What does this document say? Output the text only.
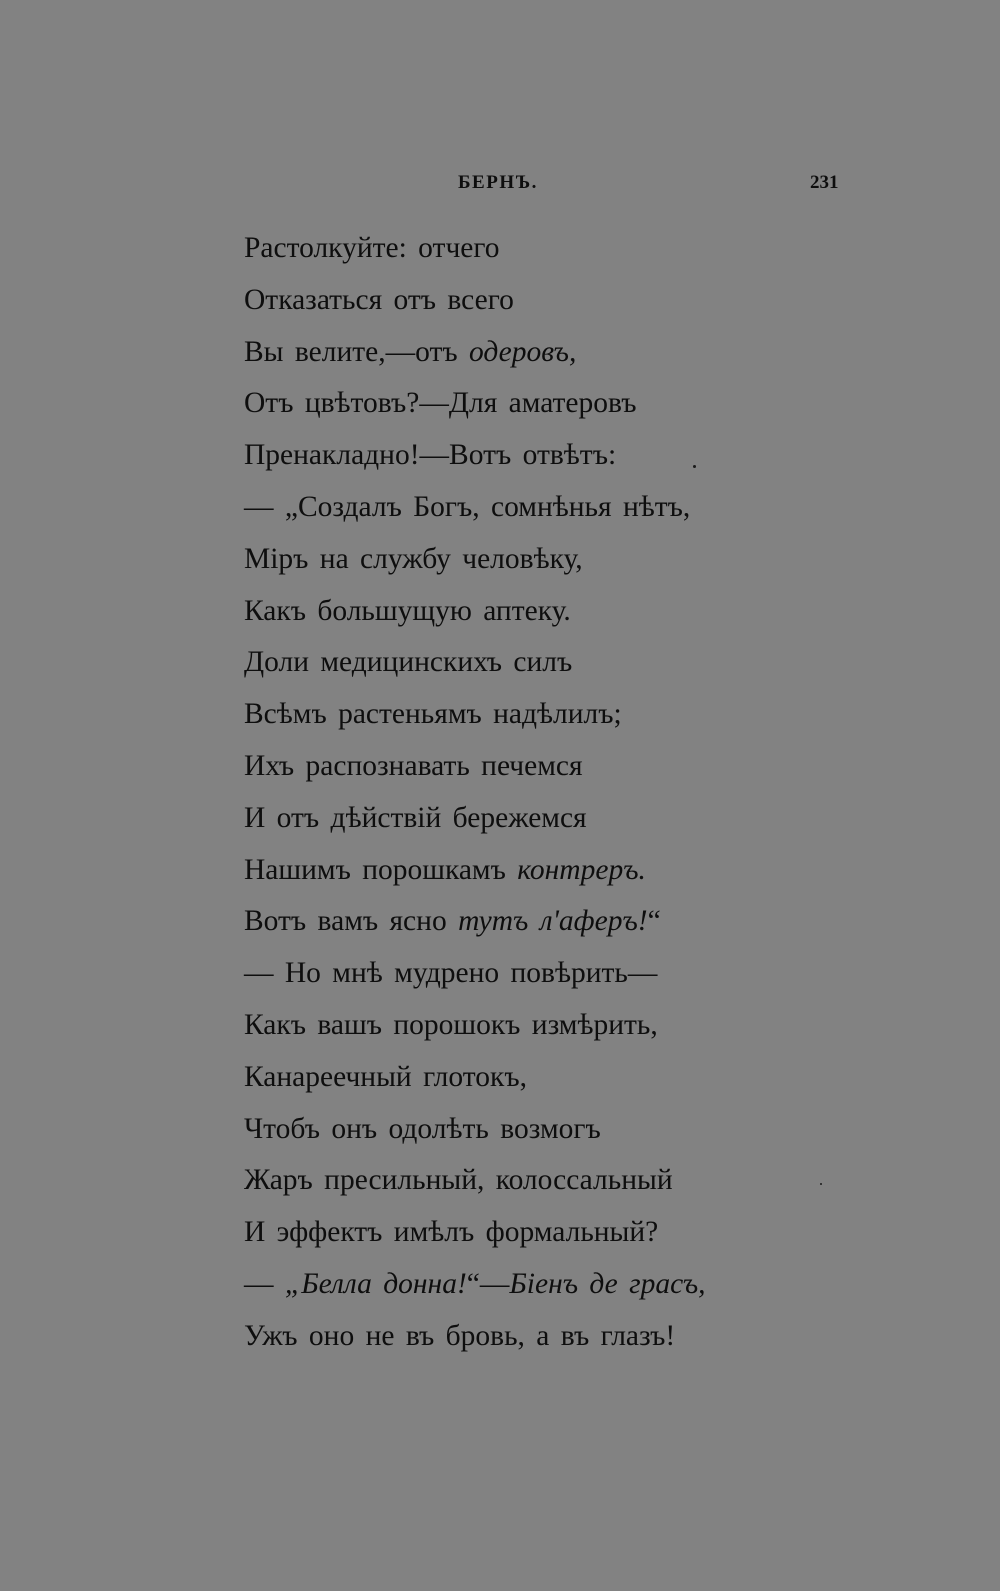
БЕРНЪ.	231
Растолкуйте: отчего
Отказаться отъ всего
Вы велите,—отъ одеровъ,
Отъ цвѣтовъ?—Для аматеровъ
Пренакладно!—Вотъ отвѣтъ:
— „Создалъ Богъ, сомнѣнья нѣтъ,
Міръ на службу человѣку,
Какъ большущую аптеку.
Доли медицинскихъ силъ
Всѣмъ растеньямъ надѣлилъ;
Ихъ распознавать печемся
И отъ дѣйствій бережемся
Нашимъ порошкамъ контреръ.
Вотъ вамъ ясно тутъ л'аферъ!“
— Но мнѣ мудрено повѣрить—
Какъ вашъ порошокъ измѣрить,
Канареечный глотокъ,
Чтобъ онъ одолѣть возмогъ
Жаръ пресильный, колоссальный
И эффектъ имѣлъ формальный?
— „Белла донна!“—Біенъ де грасъ,
Ужъ оно не въ бровь, а въ глазъ!
